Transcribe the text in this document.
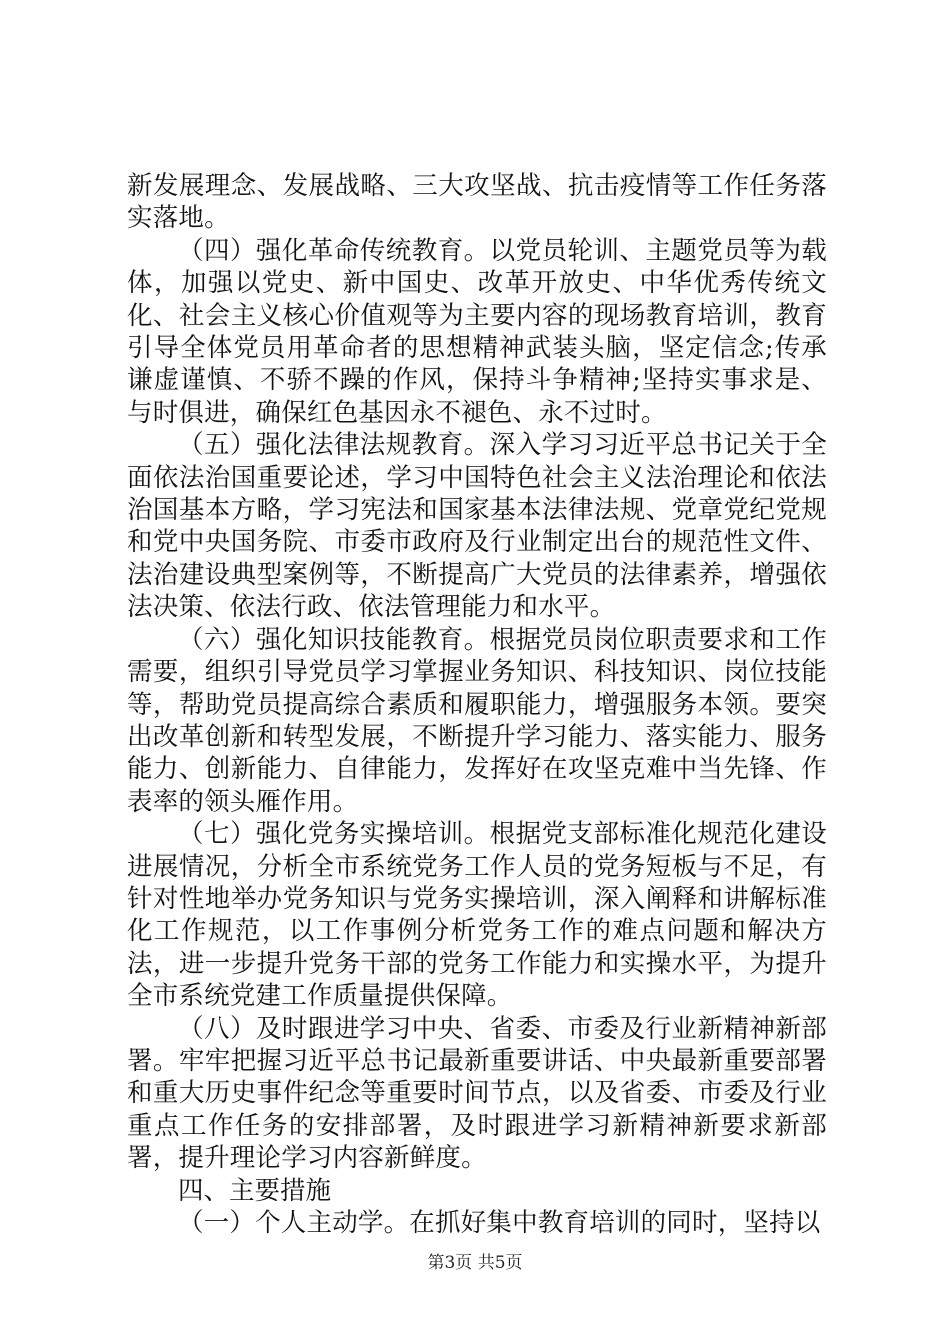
新发展理念、发展战略、三大攻坚战、抗击疫情等工作任务落实落地。

（四）强化革命传统教育。以党员轮训、主题党员等为载体，加强以党史、新中国史、改革开放史、中华优秀传统文化、社会主义核心价值观等为主要内容的现场教育培训，教育引导全体党员用革命者的思想精神武装头脑，坚定信念;传承谦虚谨慎、不骄不躁的作风，保持斗争精神;坚持实事求是、与时俱进，确保红色基因永不褪色、永不过时。

（五）强化法律法规教育。深入学习习近平总书记关于全面依法治国重要论述，学习中国特色社会主义法治理论和依法治国基本方略，学习宪法和国家基本法律法规、党章党纪党规和党中央国务院、市委市政府及行业制定出台的规范性文件、法治建设典型案例等，不断提高广大党员的法律素养，增强依法决策、依法行政、依法管理能力和水平。

（六）强化知识技能教育。根据党员岗位职责要求和工作需要，组织引导党员学习掌握业务知识、科技知识、岗位技能等，帮助党员提高综合素质和履职能力，增强服务本领。要突出改革创新和转型发展，不断提升学习能力、落实能力、服务能力、创新能力、自律能力，发挥好在攻坚克难中当先锋、作表率的领头雁作用。

（七）强化党务实操培训。根据党支部标准化规范化建设进展情况，分析全市系统党务工作人员的党务短板与不足，有针对性地举办党务知识与党务实操培训，深入阐释和讲解标准化工作规范，以工作事例分析党务工作的难点问题和解决方法，进一步提升党务干部的党务工作能力和实操水平，为提升全市系统党建工作质量提供保障。

（八）及时跟进学习中央、省委、市委及行业新精神新部署。牢牢把握习近平总书记最新重要讲话、中央最新重要部署和重大历史事件纪念等重要时间节点，以及省委、市委及行业重点工作任务的安排部署，及时跟进学习新精神新要求新部署，提升理论学习内容新鲜度。

四、主要措施

（一）个人主动学。在抓好集中教育培训的同时，坚持以

第3页 共5页
